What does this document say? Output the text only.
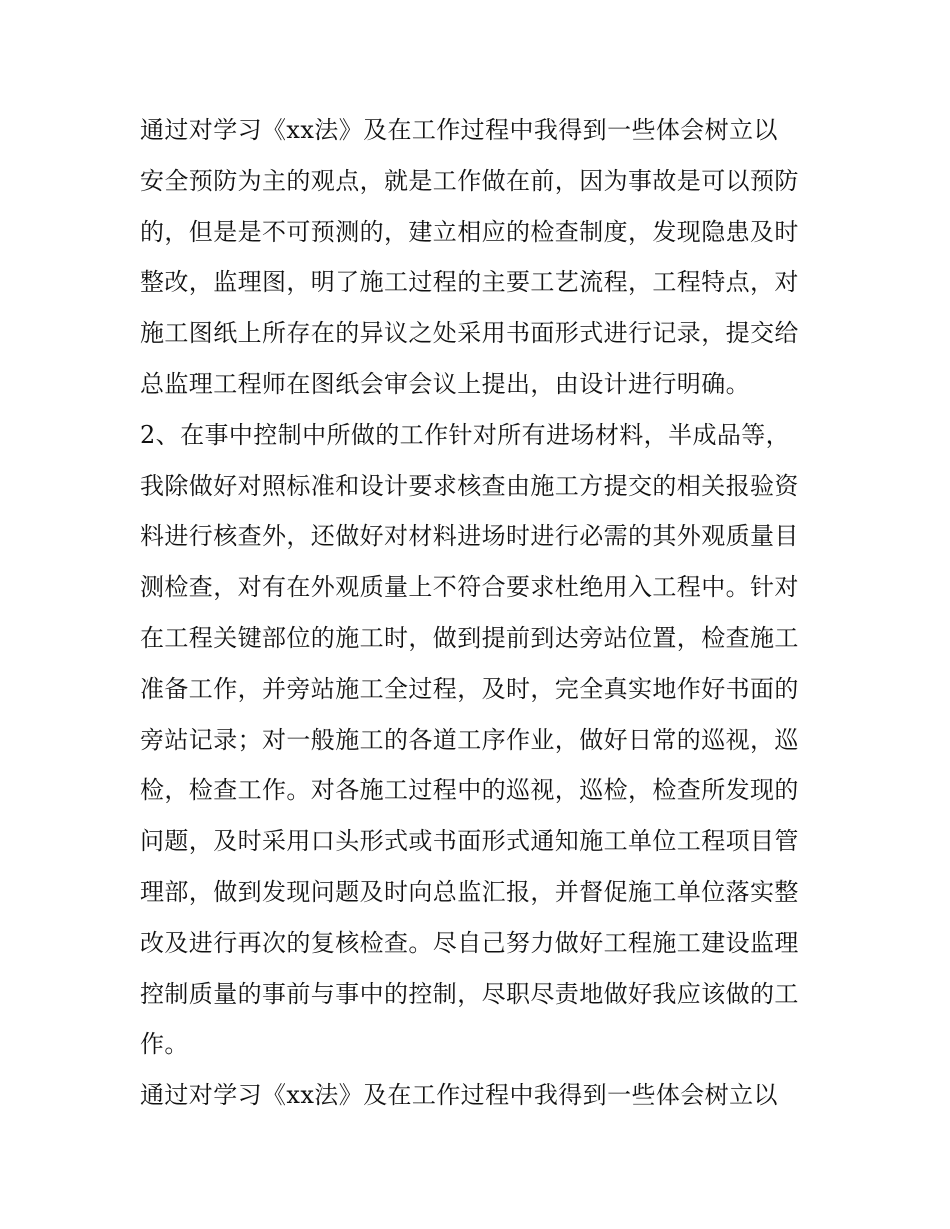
通过对学习《xx法》及在工作过程中我得到一些体会树立以
安全预防为主的观点，就是工作做在前，因为事故是可以预防
的，但是是不可预测的，建立相应的检查制度，发现隐患及时
整改，监理图，明了施工过程的主要工艺流程，工程特点，对
施工图纸上所存在的异议之处采用书面形式进行记录，提交给
总监理工程师在图纸会审会议上提出，由设计进行明确。
2、在事中控制中所做的工作针对所有进场材料，半成品等，
我除做好对照标准和设计要求核查由施工方提交的相关报验资
料进行核查外，还做好对材料进场时进行必需的其外观质量目
测检查，对有在外观质量上不符合要求杜绝用入工程中。针对
在工程关键部位的施工时，做到提前到达旁站位置，检查施工
准备工作，并旁站施工全过程，及时，完全真实地作好书面的
旁站记录；对一般施工的各道工序作业，做好日常的巡视，巡
检，检查工作。对各施工过程中的巡视，巡检，检查所发现的
问题，及时采用口头形式或书面形式通知施工单位工程项目管
理部，做到发现问题及时向总监汇报，并督促施工单位落实整
改及进行再次的复核检查。尽自己努力做好工程施工建设监理
控制质量的事前与事中的控制，尽职尽责地做好我应该做的工
作。
通过对学习《xx法》及在工作过程中我得到一些体会树立以
